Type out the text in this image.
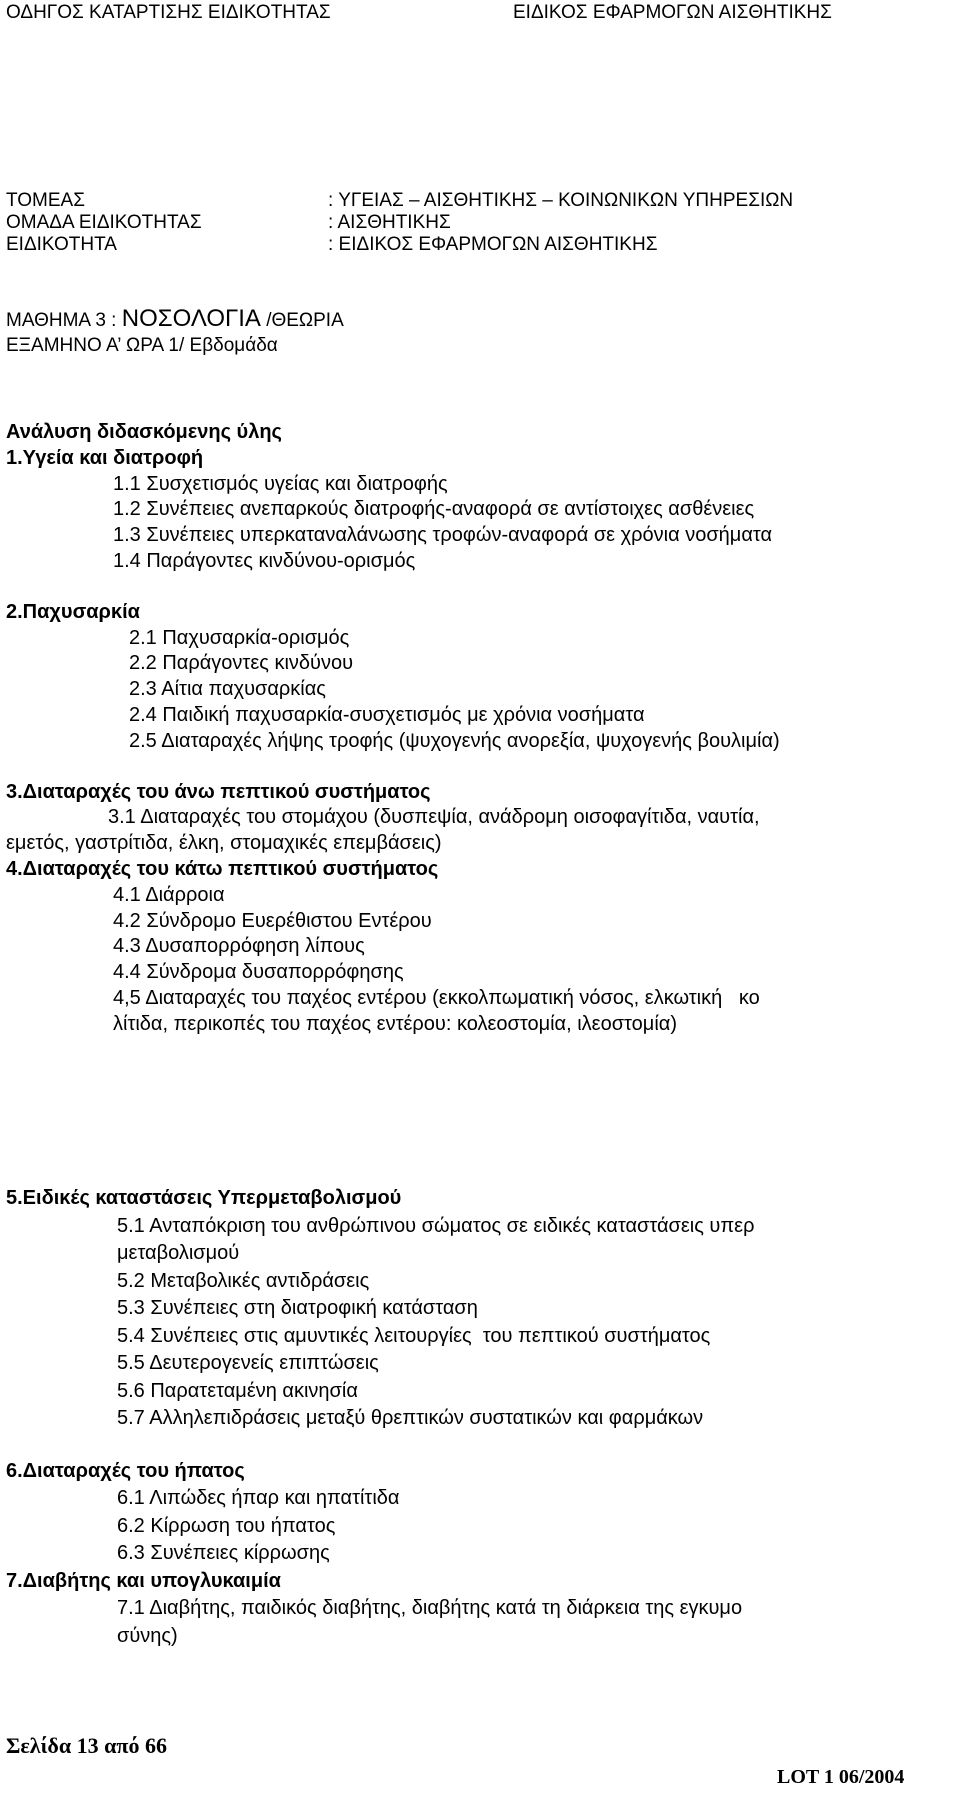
ΟΔΗΓΟΣ ΚΑΤΑΡΤΙΣΗΣ ΕΙΔΙΚΟΤΗΤΑΣ	ΕΙΔΙΚΟΣ ΕΦΑΡΜΟΓΩΝ ΑΙΣΘΗΤΙΚΗΣ
ΤΟΜΕΑΣ	: ΥΓΕΙΑΣ – ΑΙΣΘΗΤΙΚΗΣ – ΚΟΙΝΩΝΙΚΩΝ ΥΠΗΡΕΣΙΩΝ
ΟΜΑΔΑ ΕΙΔΙΚΟΤΗΤΑΣ	: ΑΙΣΘΗΤΙΚΗΣ
ΕΙΔΙΚΟΤΗΤΑ	: ΕΙΔΙΚΟΣ ΕΦΑΡΜΟΓΩΝ ΑΙΣΘΗΤΙΚΗΣ
ΜΑΘΗΜΑ 3 : ΝΟΣΟΛΟΓΙΑ /ΘΕΩΡΙΑ
ΕΞΑΜΗΝΟ Α’ ΩΡΑ 1/ Εβδομάδα
Ανάλυση διδασκόμενης ύλης
1.Υγεία και διατροφή
1.1 Συσχετισμός υγείας και διατροφής
1.2 Συνέπειες ανεπαρκούς διατροφής-αναφορά σε αντίστοιχες ασθένειες
1.3 Συνέπειες υπερκαταναλάνωσης τροφών-αναφορά σε χρόνια νοσήματα
1.4 Παράγοντες κινδύνου-ορισμός
2.Παχυσαρκία
2.1 Παχυσαρκία-ορισμός
2.2 Παράγοντες κινδύνου
2.3 Αίτια παχυσαρκίας
2.4 Παιδική παχυσαρκία-συσχετισμός με χρόνια νοσήματα
2.5 Διαταραχές λήψης τροφής (ψυχογενής ανορεξία, ψυχογενής βουλιμία)
3.Διαταραχές του άνω πεπτικού συστήματος
3.1 Διαταραχές του στομάχου (δυσπεψία, ανάδρομη οισοφαγίτιδα, ναυτία,
εμετός, γαστρίτιδα, έλκη, στομαχικές επεμβάσεις)
4.Διαταραχές του κάτω πεπτικού συστήματος
4.1 Διάρροια
4.2 Σύνδρομο Ευερέθιστου Εντέρου
4.3 Δυσαπορρόφηση λίπους
4.4 Σύνδρομα δυσαπορρόφησης
4,5 Διαταραχές του παχέος εντέρου (εκκολπωματική νόσος, ελκωτική   κο
λίτιδα, περικοπές του παχέος εντέρου: κολεοστομία, ιλεοστομία)
5.Ειδικές καταστάσεις Υπερμεταβολισμού
5.1 Ανταπόκριση του ανθρώπινου σώματος σε ειδικές καταστάσεις υπερ
μεταβολισμού
5.2 Μεταβολικές αντιδράσεις
5.3 Συνέπειες στη διατροφική κατάσταση
5.4 Συνέπειες στις αμυντικές λειτουργίες  του πεπτικού συστήματος
5.5 Δευτερογενείς επιπτώσεις
5.6 Παρατεταμένη ακινησία
5.7 Αλληλεπιδράσεις μεταξύ θρεπτικών συστατικών και φαρμάκων
6.Διαταραχές του ήπατος
6.1 Λιπώδες ήπαρ και ηπατίτιδα
6.2 Κίρρωση του ήπατος
6.3 Συνέπειες κίρρωσης
7.Διαβήτης και υπογλυκαιμία
7.1 Διαβήτης, παιδικός διαβήτης, διαβήτης κατά τη διάρκεια της εγκυμο
σύνης)
Σελίδα 13 από 66
LOT 1 06/2004
